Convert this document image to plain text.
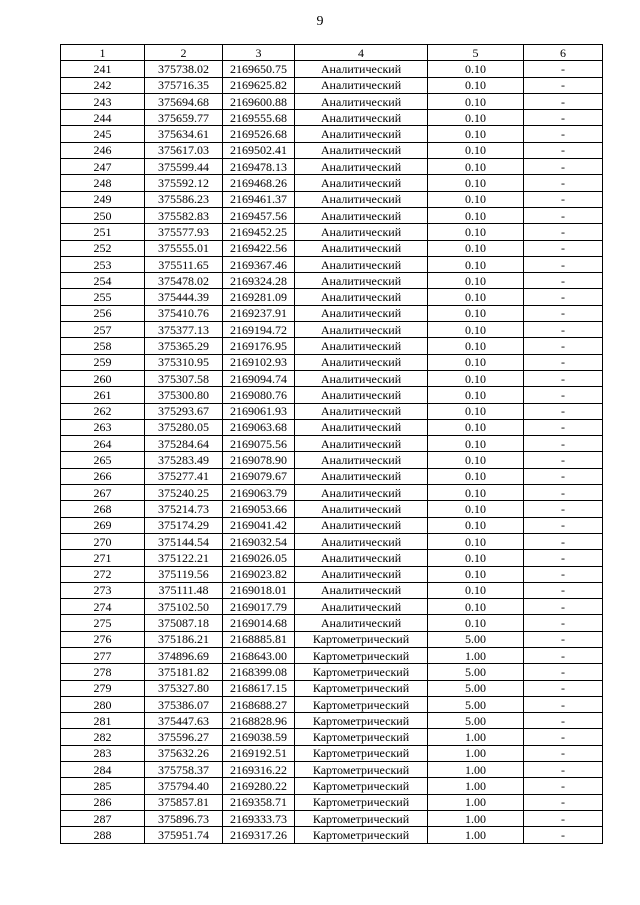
9
1	2	3	4	5	6
241	375738.02	2169650.75	Аналитический	0.10	-
242	375716.35	2169625.82	Аналитический	0.10	-
243	375694.68	2169600.88	Аналитический	0.10	-
244	375659.77	2169555.68	Аналитический	0.10	-
245	375634.61	2169526.68	Аналитический	0.10	-
246	375617.03	2169502.41	Аналитический	0.10	-
247	375599.44	2169478.13	Аналитический	0.10	-
248	375592.12	2169468.26	Аналитический	0.10	-
249	375586.23	2169461.37	Аналитический	0.10	-
250	375582.83	2169457.56	Аналитический	0.10	-
251	375577.93	2169452.25	Аналитический	0.10	-
252	375555.01	2169422.56	Аналитический	0.10	-
253	375511.65	2169367.46	Аналитический	0.10	-
254	375478.02	2169324.28	Аналитический	0.10	-
255	375444.39	2169281.09	Аналитический	0.10	-
256	375410.76	2169237.91	Аналитический	0.10	-
257	375377.13	2169194.72	Аналитический	0.10	-
258	375365.29	2169176.95	Аналитический	0.10	-
259	375310.95	2169102.93	Аналитический	0.10	-
260	375307.58	2169094.74	Аналитический	0.10	-
261	375300.80	2169080.76	Аналитический	0.10	-
262	375293.67	2169061.93	Аналитический	0.10	-
263	375280.05	2169063.68	Аналитический	0.10	-
264	375284.64	2169075.56	Аналитический	0.10	-
265	375283.49	2169078.90	Аналитический	0.10	-
266	375277.41	2169079.67	Аналитический	0.10	-
267	375240.25	2169063.79	Аналитический	0.10	-
268	375214.73	2169053.66	Аналитический	0.10	-
269	375174.29	2169041.42	Аналитический	0.10	-
270	375144.54	2169032.54	Аналитический	0.10	-
271	375122.21	2169026.05	Аналитический	0.10	-
272	375119.56	2169023.82	Аналитический	0.10	-
273	375111.48	2169018.01	Аналитический	0.10	-
274	375102.50	2169017.79	Аналитический	0.10	-
275	375087.18	2169014.68	Аналитический	0.10	-
276	375186.21	2168885.81	Картометрический	5.00	-
277	374896.69	2168643.00	Картометрический	1.00	-
278	375181.82	2168399.08	Картометрический	5.00	-
279	375327.80	2168617.15	Картометрический	5.00	-
280	375386.07	2168688.27	Картометрический	5.00	-
281	375447.63	2168828.96	Картометрический	5.00	-
282	375596.27	2169038.59	Картометрический	1.00	-
283	375632.26	2169192.51	Картометрический	1.00	-
284	375758.37	2169316.22	Картометрический	1.00	-
285	375794.40	2169280.22	Картометрический	1.00	-
286	375857.81	2169358.71	Картометрический	1.00	-
287	375896.73	2169333.73	Картометрический	1.00	-
288	375951.74	2169317.26	Картометрический	1.00	-
